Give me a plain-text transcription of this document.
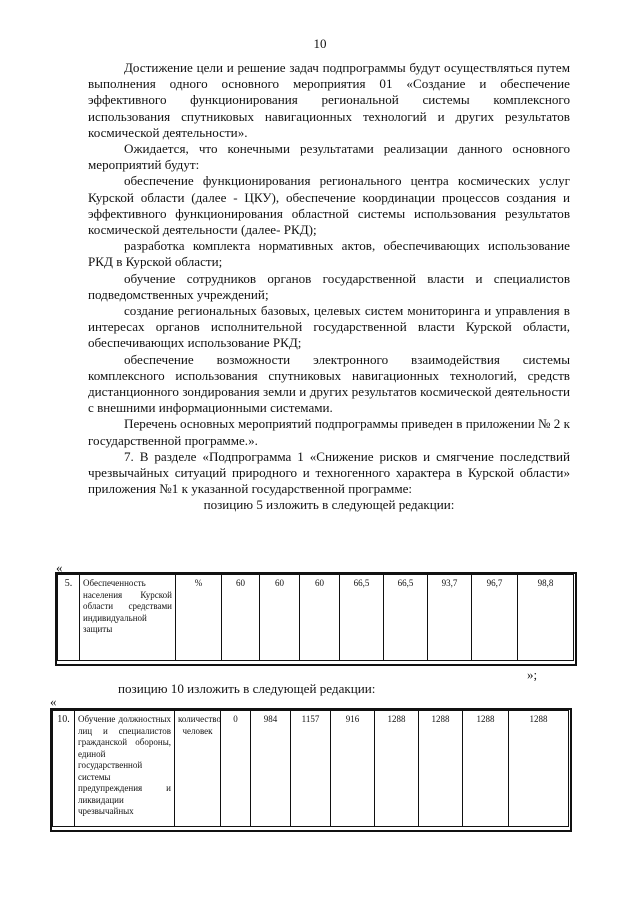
10

Достижение цели и решение задач подпрограммы будут осуществляться путем выполнения одного основного мероприятия 01 «Создание и обеспечение эффективного функционирования региональной системы комплексного использования спутниковых навигационных технологий и других результатов космической деятельности».

Ожидается, что конечными результатами реализации данного основного мероприятий будут:

обеспечение функционирования регионального центра космических услуг Курской области (далее - ЦКУ), обеспечение координации процессов создания и эффективного функционирования областной системы использования результатов космической деятельности (далее- РКД);

разработка комплекта нормативных актов, обеспечивающих использование РКД в Курской области;

обучение сотрудников органов государственной власти и специалистов подведомственных учреждений;

создание региональных базовых, целевых систем мониторинга и управления в интересах органов исполнительной государственной власти Курской области, обеспечивающих использование РКД;

обеспечение возможности электронного взаимодействия системы комплексного использования спутниковых навигационных технологий, средств дистанционного зондирования земли и других результатов космической деятельности с внешними информационными системами.

Перечень основных мероприятий подпрограммы приведен в приложении № 2 к государственной программе.».

7. В разделе «Подпрограмма 1 «Снижение рисков и смягчение последствий чрезвычайных ситуаций природного и техногенного характера в Курской области» приложения №1 к указанной государственной программе:

позицию 5 изложить в следующей редакции:

«
5.	Обеспеченность населения Курской области средствами индивидуальной защиты	%	60	60	60	66,5	66,5	93,7	96,7	98,8
»;

позицию 10 изложить в следующей редакции:

«
10.	Обучение должностных лиц и специалистов гражданской обороны, единой государственной системы предупреждения и ликвидации чрезвычайных	количество человек	0	984	1157	916	1288	1288	1288	1288
